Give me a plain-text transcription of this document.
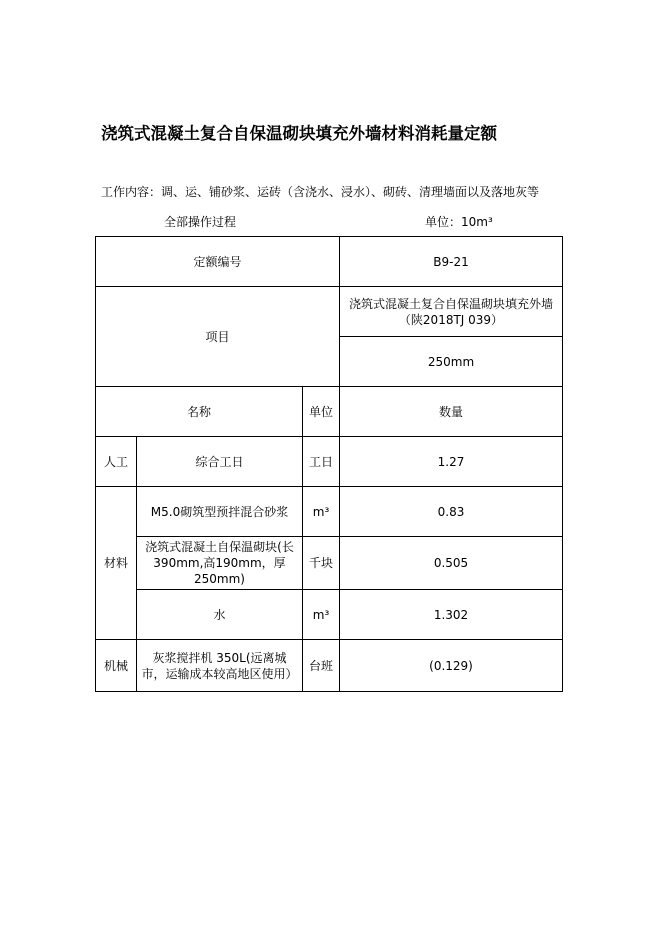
浇筑式混凝土复合自保温砌块填充外墙材料消耗量定额
工作内容：调、运、铺砂浆、运砖（含浇水、浸水）、砌砖、清理墙面以及落地灰等
全部操作过程	单位：10m³
定额编号			B9-21
项目			浇筑式混凝土复合自保温砌块填充外墙（陕2018TJ 039）
			250mm
名称		单位	数量
人工	综合工日	工日	1.27
材料	M5.0砌筑型预拌混合砂浆	m³	0.83
	浇筑式混凝土自保温砌块(长390mm,高190mm，厚250mm)	千块	0.505
	水	m³	1.302
机械	灰浆搅拌机 350L(远离城市，运输成本较高地区使用）	台班	(0.129)
